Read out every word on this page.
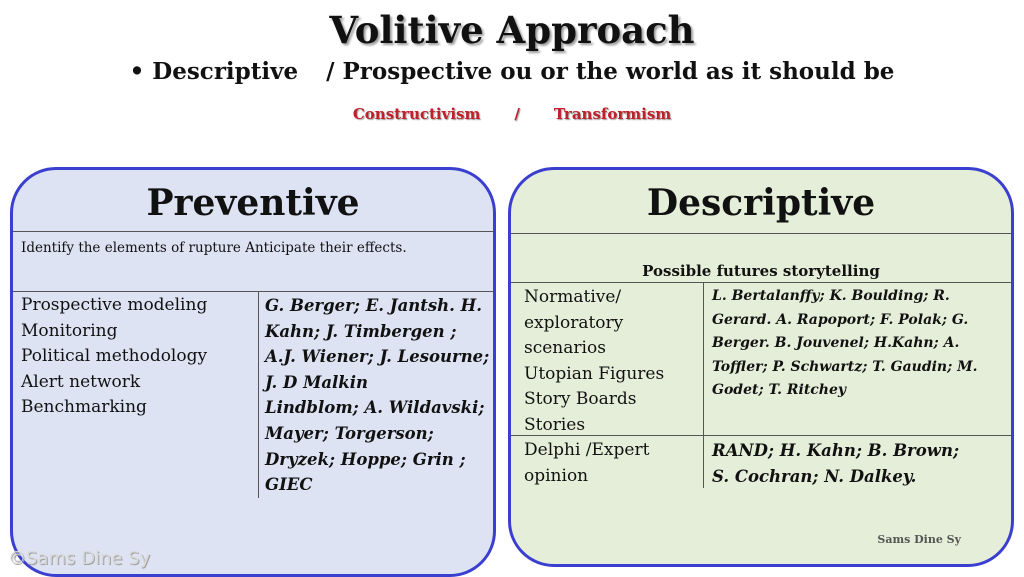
Volitive Approach
• Descriptive / Prospective ou or the world as it should be
Constructivism / Transformism
Preventive
Identify the elements of rupture Anticipate their effects.
Prospective modeling
Monitoring
Political methodology
Alert network
Benchmarking
G. Berger; E. Jantsh. H.
Kahn; J. Timbergen ;
A.J. Wiener; J. Lesourne;
J. D Malkin
Lindblom; A. Wildavski;
Mayer; Torgerson;
Dryzek; Hoppe; Grin ;
GIEC
Descriptive
Possible futures storytelling
Normative/
exploratory
scenarios
Utopian Figures
Story Boards
Stories
L. Bertalanffy; K. Boulding; R.
Gerard. A. Rapoport; F. Polak; G.
Berger. B. Jouvenel; H.Kahn; A.
Toffler; P. Schwartz; T. Gaudin; M.
Godet; T. Ritchey
Delphi /Expert
opinion
RAND; H. Kahn; B. Brown;
S. Cochran; N. Dalkey.
Sams Dine Sy
©Sams Dine Sy
